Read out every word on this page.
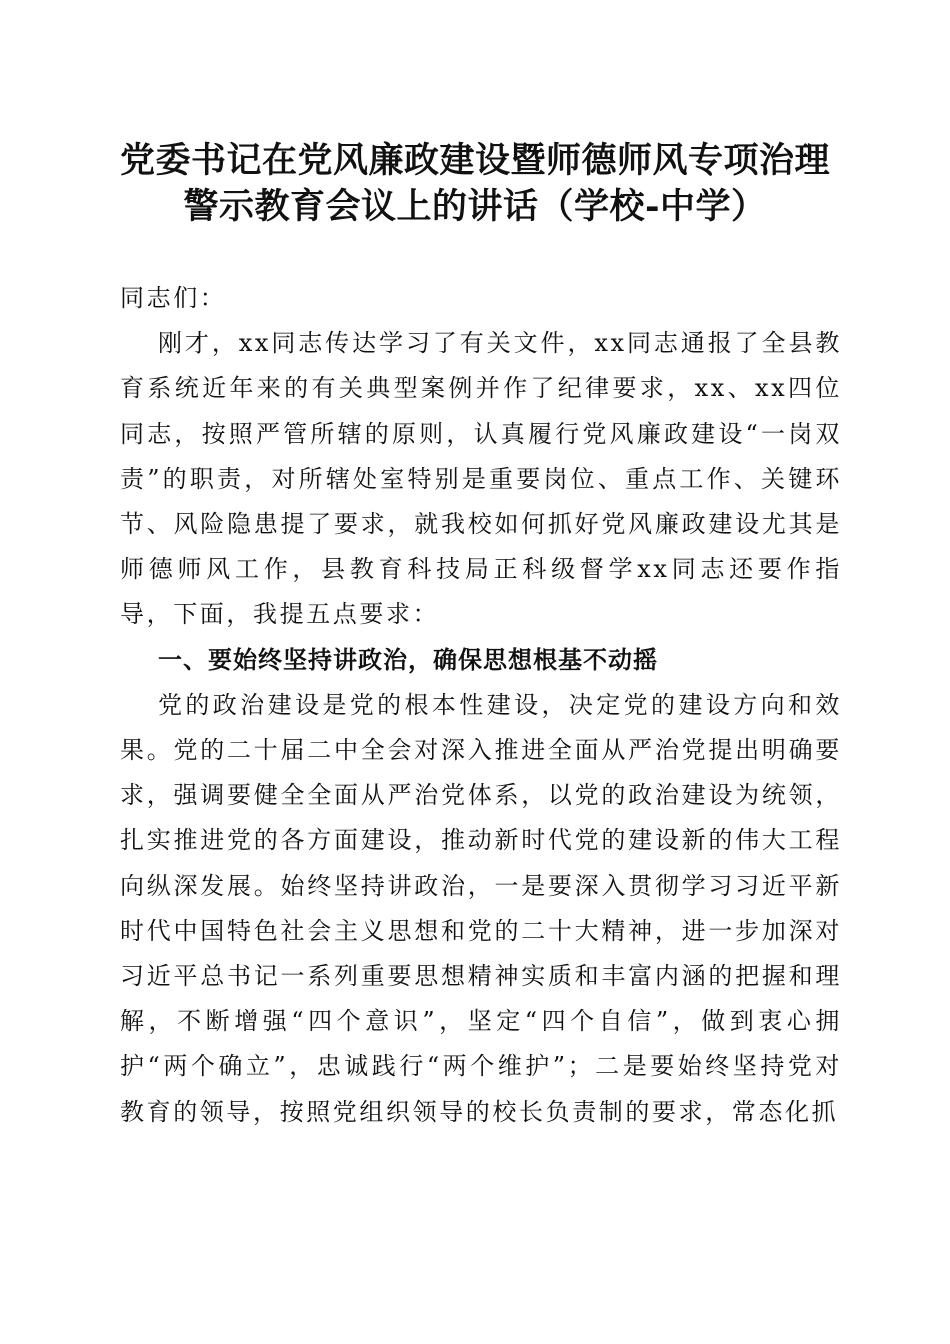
党委书记在党风廉政建设暨师德师风专项治理
警示教育会议上的讲话（学校-中学）

同志们：

刚才，xx同志传达学习了有关文件，xx同志通报了全县教育系统近年来的有关典型案例并作了纪律要求，xx、xx四位同志，按照严管所辖的原则，认真履行党风廉政建设“一岗双责”的职责，对所辖处室特别是重要岗位、重点工作、关键环节、风险隐患提了要求，就我校如何抓好党风廉政建设尤其是师德师风工作，县教育科技局正科级督学xx同志还要作指导，下面，我提五点要求：

一、要始终坚持讲政治，确保思想根基不动摇

党的政治建设是党的根本性建设，决定党的建设方向和效果。党的二十届二中全会对深入推进全面从严治党提出明确要求，强调要健全全面从严治党体系，以党的政治建设为统领，扎实推进党的各方面建设，推动新时代党的建设新的伟大工程向纵深发展。始终坚持讲政治，一是要深入贯彻学习习近平新时代中国特色社会主义思想和党的二十大精神，进一步加深对习近平总书记一系列重要思想精神实质和丰富内涵的把握和理解，不断增强“四个意识”，坚定“四个自信”，做到衷心拥护“两个确立”，忠诚践行“两个维护”；二是要始终坚持党对教育的领导，按照党组织领导的校长负责制的要求，常态化抓
